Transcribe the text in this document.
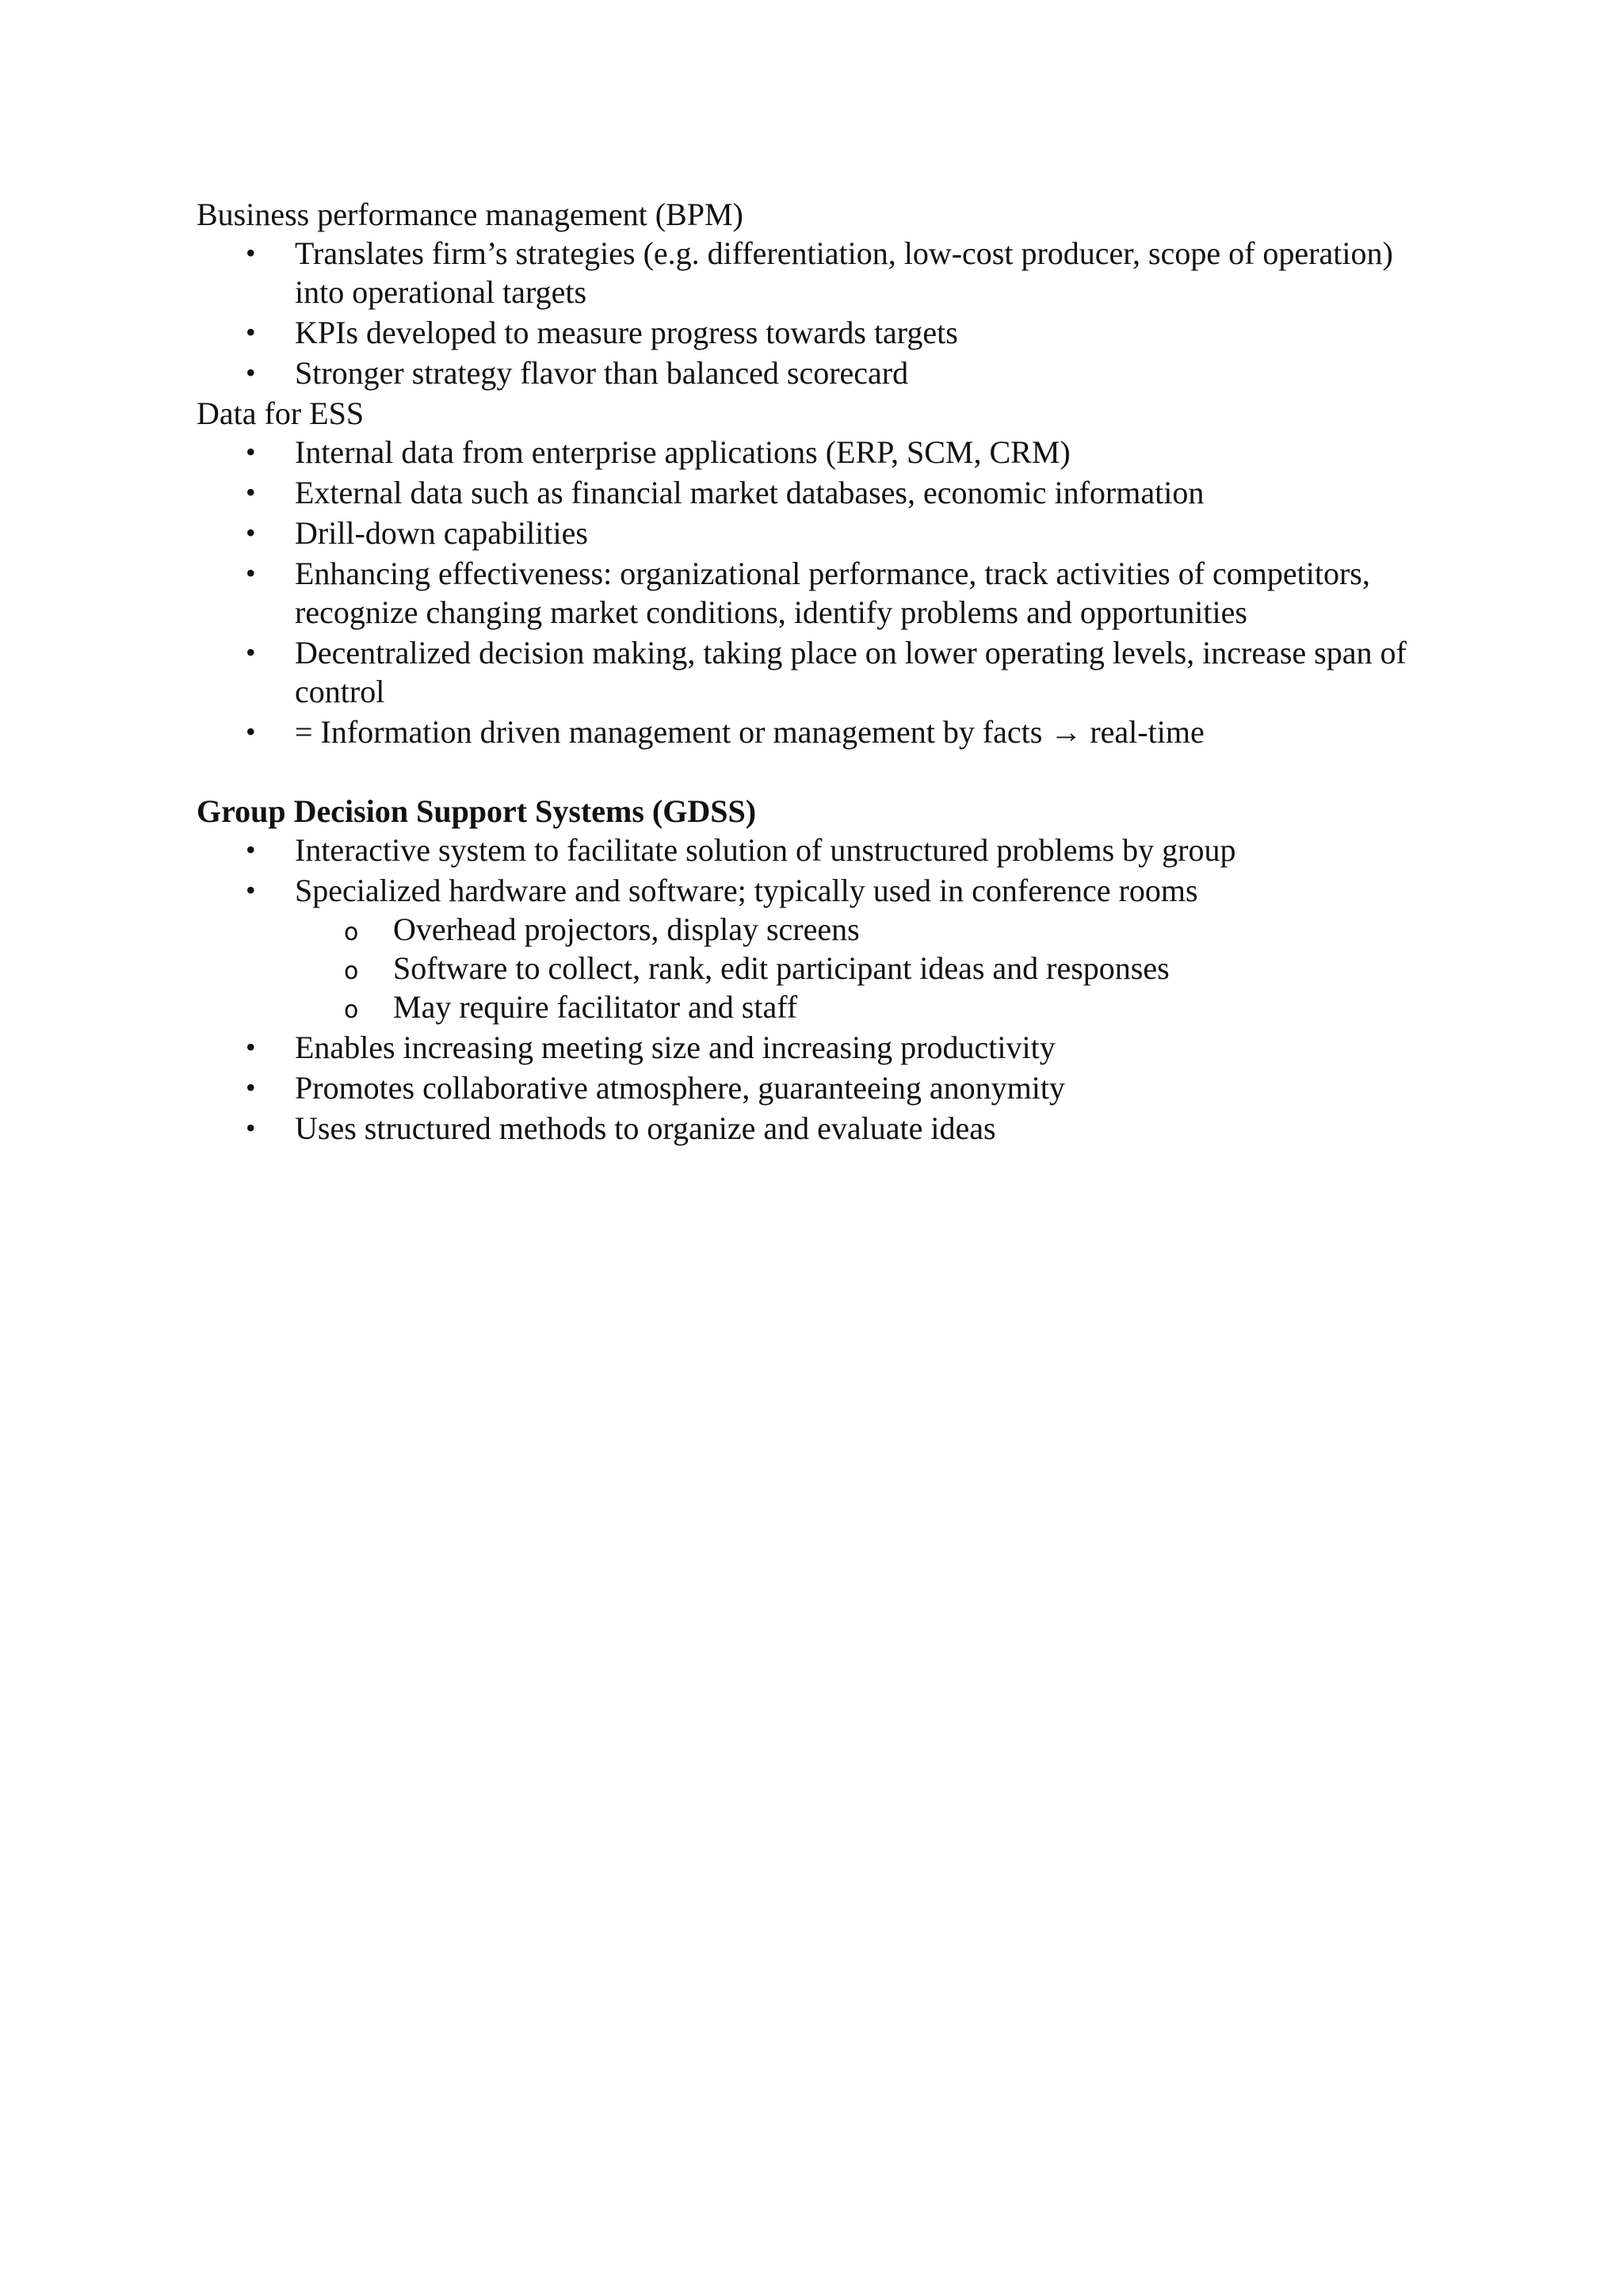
Business performance management (BPM)

• Translates firm’s strategies (e.g. differentiation, low-cost producer, scope of operation) into operational targets
• KPIs developed to measure progress towards targets
• Stronger strategy flavor than balanced scorecard

Data for ESS

• Internal data from enterprise applications (ERP, SCM, CRM)
• External data such as financial market databases, economic information
• Drill-down capabilities
• Enhancing effectiveness: organizational performance, track activities of competitors, recognize changing market conditions, identify problems and opportunities
• Decentralized decision making, taking place on lower operating levels, increase span of control
• = Information driven management or management by facts → real-time

Group Decision Support Systems (GDSS)

• Interactive system to facilitate solution of unstructured problems by group
• Specialized hardware and software; typically used in conference rooms
o Overhead projectors, display screens
o Software to collect, rank, edit participant ideas and responses
o May require facilitator and staff
• Enables increasing meeting size and increasing productivity
• Promotes collaborative atmosphere, guaranteeing anonymity
• Uses structured methods to organize and evaluate ideas
